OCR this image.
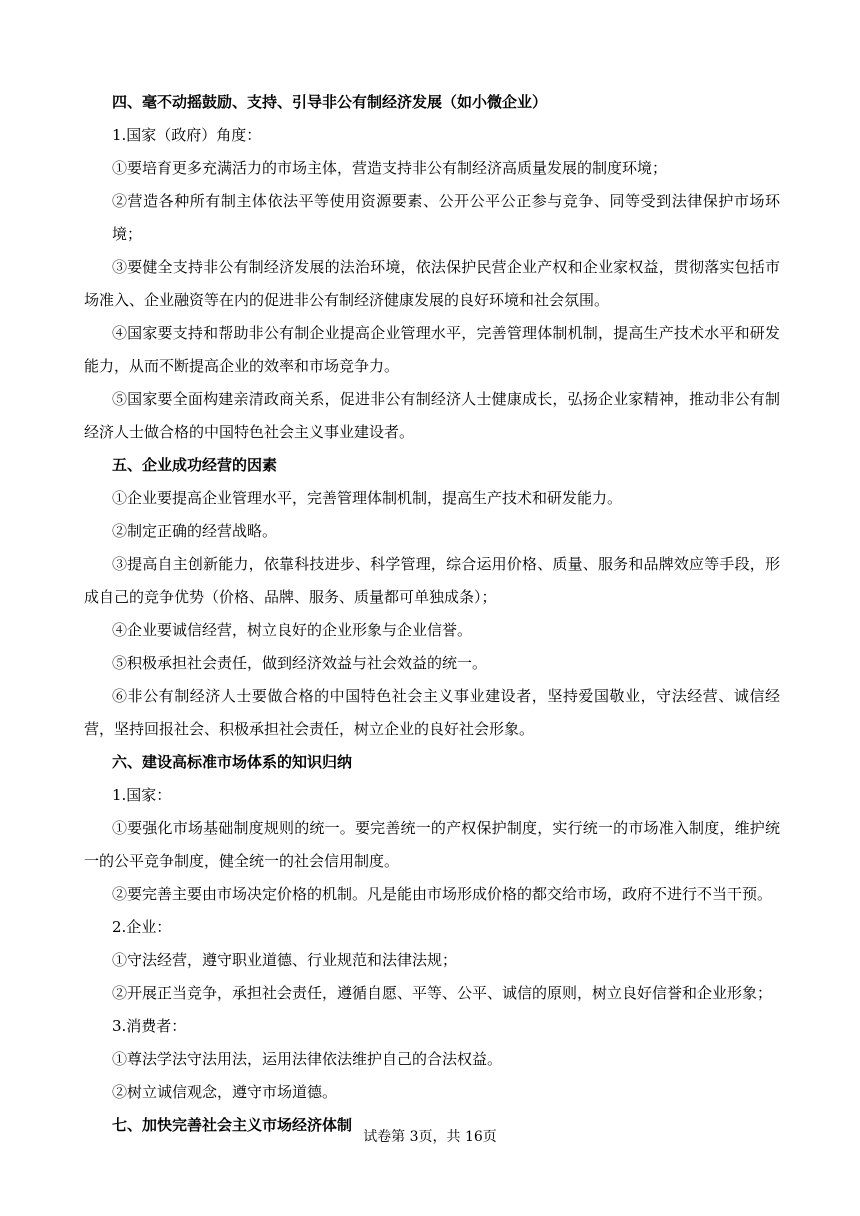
四、毫不动摇鼓励、支持、引导非公有制经济发展（如小微企业）
1.国家（政府）角度：
①要培育更多充满活力的市场主体，营造支持非公有制经济高质量发展的制度环境；
②营造各种所有制主体依法平等使用资源要素、公开公平公正参与竞争、同等受到法律保护市场环境；
③要健全支持非公有制经济发展的法治环境，依法保护民营企业产权和企业家权益，贯彻落实包括市场准入、企业融资等在内的促进非公有制经济健康发展的良好环境和社会氛围。
④国家要支持和帮助非公有制企业提高企业管理水平，完善管理体制机制，提高生产技术水平和研发能力，从而不断提高企业的效率和市场竞争力。
⑤国家要全面构建亲清政商关系，促进非公有制经济人士健康成长，弘扬企业家精神，推动非公有制经济人士做合格的中国特色社会主义事业建设者。
五、企业成功经营的因素
①企业要提高企业管理水平，完善管理体制机制，提高生产技术和研发能力。
②制定正确的经营战略。
③提高自主创新能力，依靠科技进步、科学管理，综合运用价格、质量、服务和品牌效应等手段，形成自己的竞争优势（价格、品牌、服务、质量都可单独成条）；
④企业要诚信经营，树立良好的企业形象与企业信誉。
⑤积极承担社会责任，做到经济效益与社会效益的统一。
⑥非公有制经济人士要做合格的中国特色社会主义事业建设者，坚持爱国敬业，守法经营、诚信经营，坚持回报社会、积极承担社会责任，树立企业的良好社会形象。
六、建设高标准市场体系的知识归纳
1.国家：
①要强化市场基础制度规则的统一。要完善统一的产权保护制度，实行统一的市场准入制度，维护统一的公平竞争制度，健全统一的社会信用制度。
②要完善主要由市场决定价格的机制。凡是能由市场形成价格的都交给市场，政府不进行不当干预。
2.企业：
①守法经营，遵守职业道德、行业规范和法律法规；
②开展正当竞争，承担社会责任，遵循自愿、平等、公平、诚信的原则，树立良好信誉和企业形象；
3.消费者：
①尊法学法守法用法，运用法律依法维护自己的合法权益。
②树立诚信观念，遵守市场道德。
七、加快完善社会主义市场经济体制
试卷第 3页，共 16页
